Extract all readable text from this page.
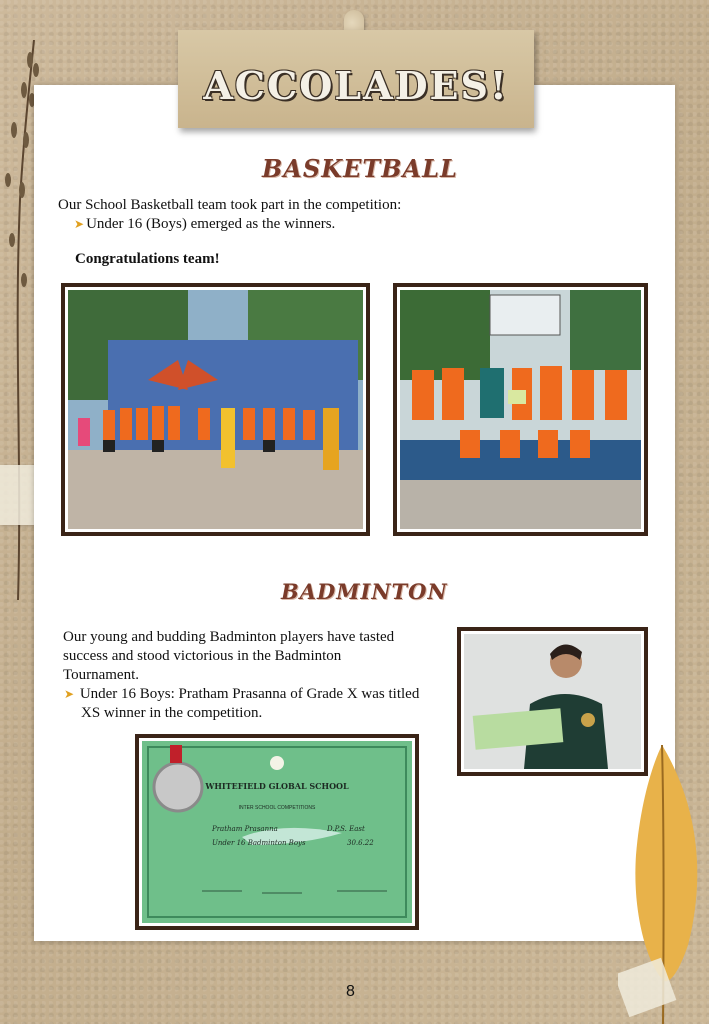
ACCOLADES!
BASKETBALL
Our School Basketball team took part in the competition:
➤ Under 16 (Boys) emerged as the winners.
Congratulations team!
BADMINTON
Our young and budding Badminton players have tasted
success and stood victorious in the Badminton
Tournament.
➤ Under 16 Boys: Pratham Prasanna of Grade X was titled
XS winner in the competition.
WHITEFIELD GLOBAL SCHOOL
INTER SCHOOL COMPETITIONS
Pratham Prasanna	D.P.S. East
Under 16 Badminton Boys	30.6.22
8
